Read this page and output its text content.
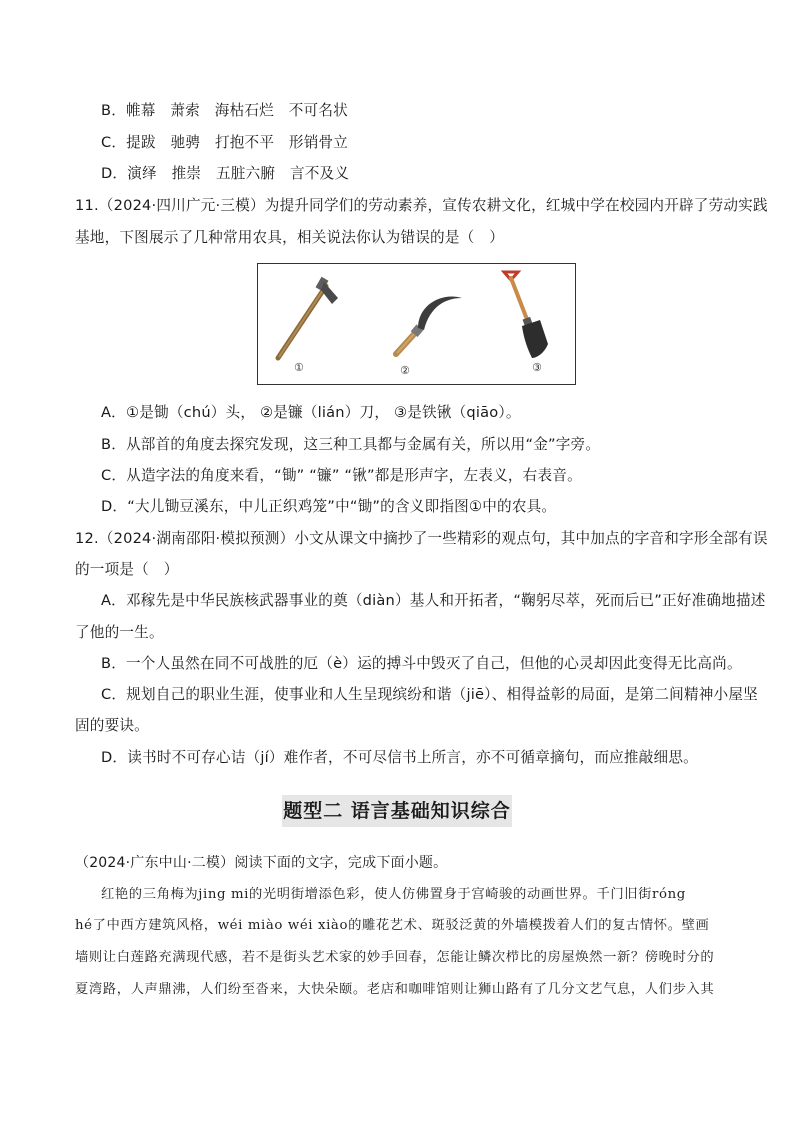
B．帷幕　萧索　海枯石烂　不可名状
C．提跋　驰骋　打抱不平　形销骨立
D．演绎　推崇　五脏六腑　言不及义
11.（2024·四川广元·三模）为提升同学们的劳动素养，宣传农耕文化，红城中学在校园内开辟了劳动实践
基地，下图展示了几种常用农具，相关说法你认为错误的是（　）
①	②	③
A．①是锄（chú）头， ②是镰（lián）刀， ③是铁锹（qiāo）。
B．从部首的角度去探究发现，这三种工具都与金属有关，所以用“金”字旁。
C．从造字法的角度来看，“锄” “镰” “锹”都是形声字，左表义，右表音。
D．“大儿锄豆溪东，中儿正织鸡笼”中“锄”的含义即指图①中的农具。
12.（2024·湖南邵阳·模拟预测）小文从课文中摘抄了一些精彩的观点句，其中加点的字音和字形全部有误
的一项是（　）
A．邓稼先是中华民族核武器事业的奠（diàn）基人和开拓者，“鞠躬尽萃，死而后已”正好准确地描述
了他的一生。
B．一个人虽然在同不可战胜的厄（è）运的搏斗中毁灭了自己，但他的心灵却因此变得无比高尚。
C．规划自己的职业生涯，使事业和人生呈现缤纷和谐（jiē）、相得益彰的局面，是第二间精神小屋坚
固的要诀。
D．读书时不可存心诘（jí）难作者，不可尽信书上所言，亦不可循章摘句，而应推敲细思。
题型二 语言基础知识综合
（2024·广东中山·二模）阅读下面的文字，完成下面小题。
红艳的三角梅为jing mi的光明街增添色彩，使人仿佛置身于宫崎骏的动画世界。千门旧街róng
hé了中西方建筑风格，wéi miào wéi xiào的雕花艺术、斑驳泛黄的外墙模拨着人们的复古情怀。壁画
墙则让白莲路充满现代感，若不是街头艺术家的妙手回春，怎能让鳞次栉比的房屋焕然一新？傍晚时分的
夏湾路，人声鼎沸，人们纷至沓来，大快朵颐。老店和咖啡馆则让狮山路有了几分文艺气息，人们步入其
